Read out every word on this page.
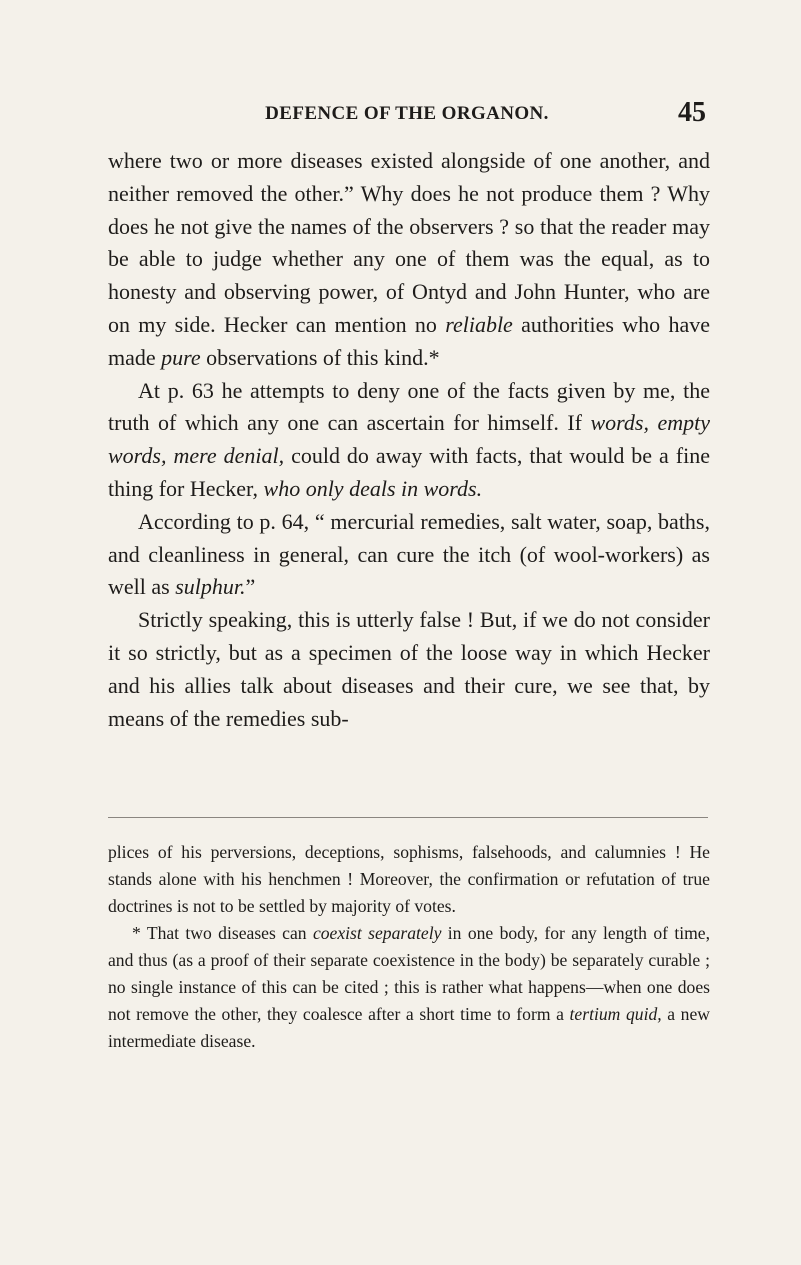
DEFENCE OF THE ORGANON.	45

where two or more diseases existed alongside of one another, and neither removed the other.” Why does he not produce them ? Why does he not give the names of the observers ? so that the reader may be able to judge whether any one of them was the equal, as to honesty and observing power, of Ontyd and John Hunter, who are on my side. Hecker can mention no reliable authorities who have made pure observations of this kind.*

At p. 63 he attempts to deny one of the facts given by me, the truth of which any one can ascertain for himself. If words, empty words, mere denial, could do away with facts, that would be a fine thing for Hecker, who only deals in words.

According to p. 64, “ mercurial remedies, salt water, soap, baths, and cleanliness in general, can cure the itch (of wool-workers) as well as sulphur.”

Strictly speaking, this is utterly false ! But, if we do not consider it so strictly, but as a specimen of the loose way in which Hecker and his allies talk about diseases and their cure, we see that, by means of the remedies sub-

plices of his perversions, deceptions, sophisms, falsehoods, and calumnies ! He stands alone with his henchmen ! Moreover, the confirmation or refutation of true doctrines is not to be settled by majority of votes.

* That two diseases can coexist separately in one body, for any length of time, and thus (as a proof of their separate coexistence in the body) be separately curable ; no single instance of this can be cited ; this is rather what happens—when one does not remove the other, they coalesce after a short time to form a tertium quid, a new intermediate disease.
